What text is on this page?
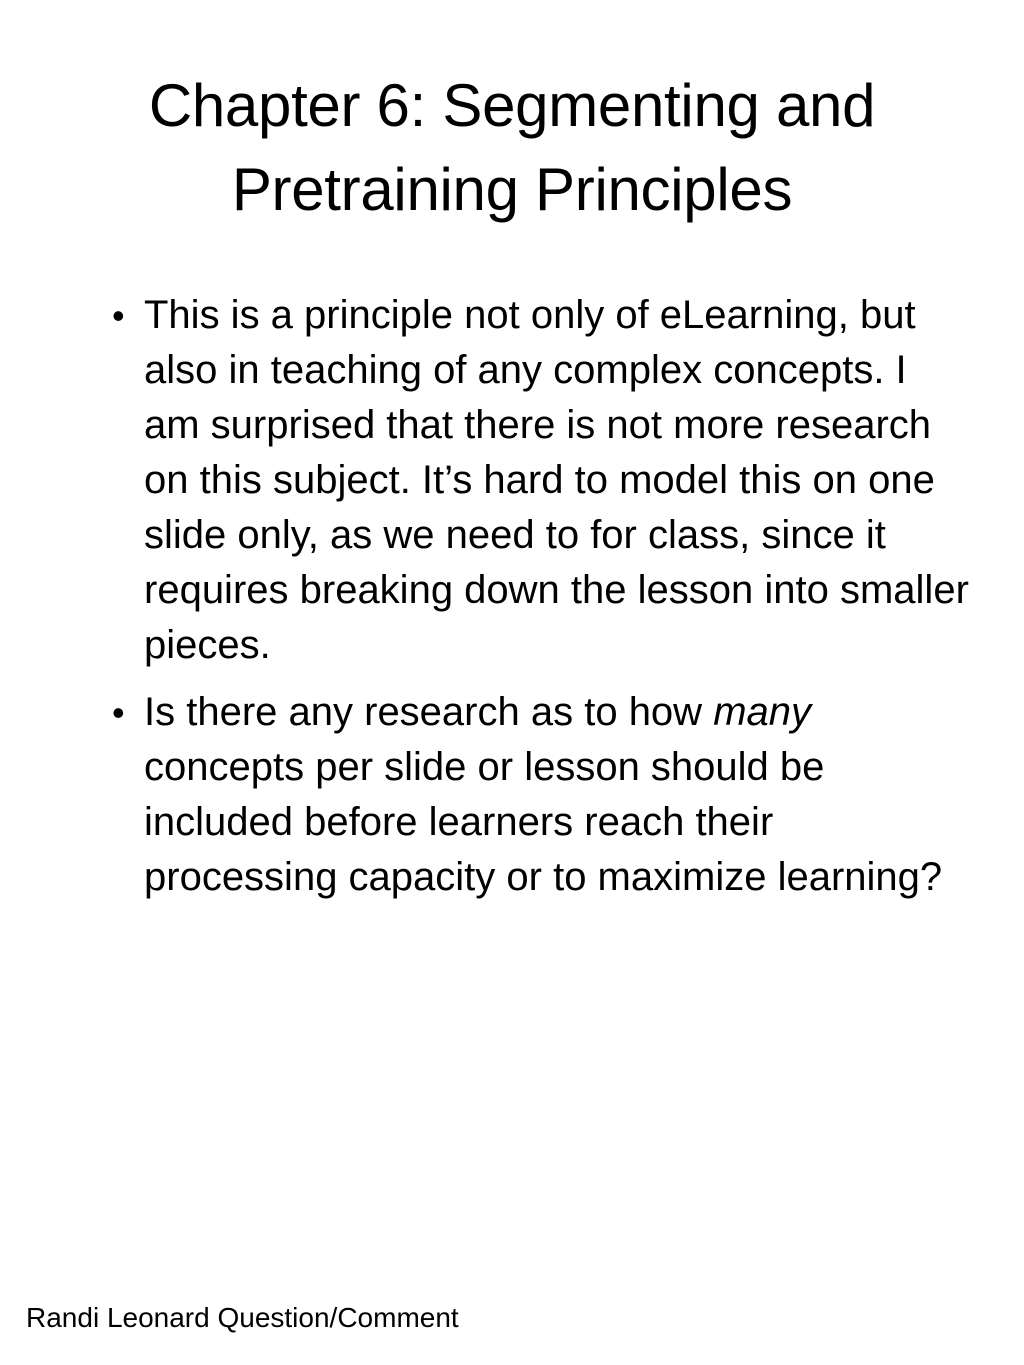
Chapter 6: Segmenting and
Pretraining Principles
• This is a principle not only of eLearning, but also in teaching of any complex concepts. I am surprised that there is not more research on this subject. It’s hard to model this on one slide only, as we need to for class, since it requires breaking down the lesson into smaller pieces.
• Is there any research as to how many concepts per slide or lesson should be included before learners reach their processing capacity or to maximize learning?
Randi Leonard Question/Comment
